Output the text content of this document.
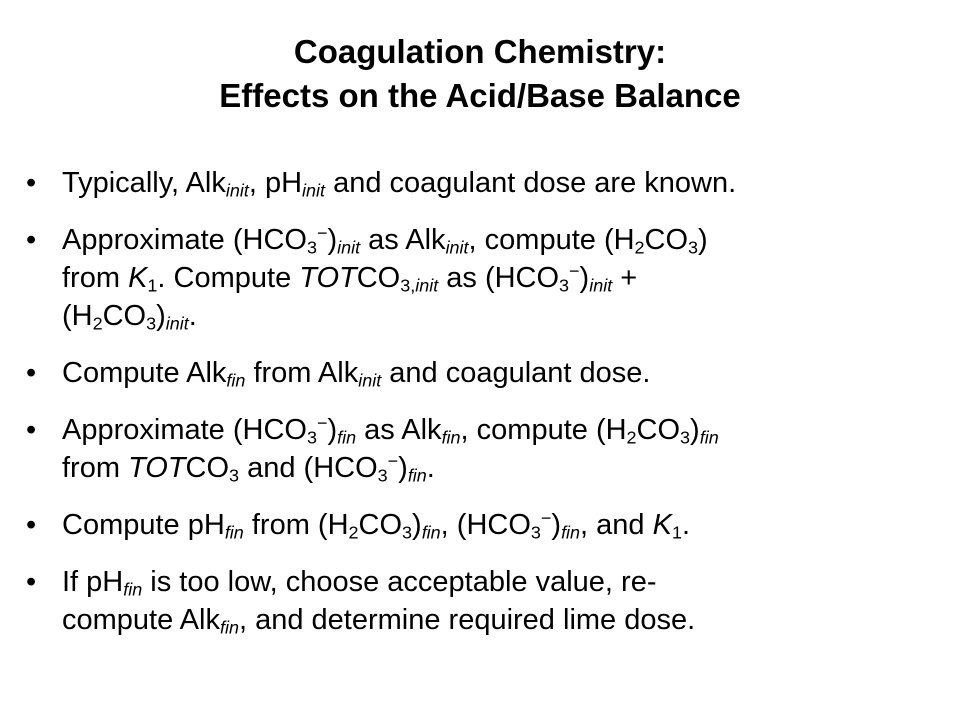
Coagulation Chemistry:
Effects on the Acid/Base Balance
• Typically, Alk$_{init}$, $pH_{init}$ and coagulant dose are known.
• Approximate $(HCO_3^-)_{init}$ as Alk$_{init}$, compute $(H_2CO_3)$
from $K_1$. Compute $TOTCO_{3,init}$ as $(HCO_3^-)_{init}$ +
$(H_2CO_3)_{init}$.
• Compute Alk$_{fin}$ from Alk$_{init}$ and coagulant dose.
• Approximate $(HCO_3^-)_{fin}$ as Alk$_{fin}$, compute $(H_2CO_3)_{fin}$
from $TOTCO_3$ and $(HCO_3^-)_{fin}$.
• Compute $pH_{fin}$ from $(H_2CO_3)_{fin}$, $(HCO_3^-)_{fin}$, and $K_1$.
• If $pH_{fin}$ is too low, choose acceptable value, re-
compute Alk$_{fin}$, and determine required lime dose.
